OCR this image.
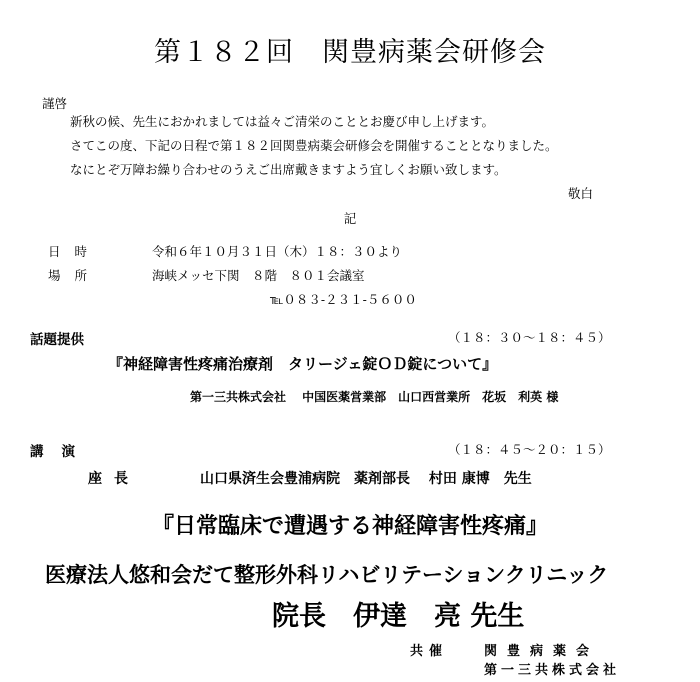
第１８２回　関豊病薬会研修会
謹啓
新秋の候、先生におかれましては益々ご清栄のこととお慶び申し上げます。
さてこの度、下記の日程で第１８２回関豊病薬会研修会を開催することとなりました。
なにとぞ万障お繰り合わせのうえご出席戴きますよう宜しくお願い致します。
敬白
記
日時	令和６年１０月３１日（木）１８：３０より
場所	海峡メッセ下関　８階　８０１会議室
℡０８３-２３１-５６００
話題提供	（１８：３０〜１８：４５）
『神経障害性疼痛治療剤　タリージェ錠ＯＤ錠について』
第一三共株式会社　 中国医薬営業部　山口西営業所　花坂　利英 様
講演	（１８：４５〜２０：１５）
座長	山口県済生会豊浦病院　薬剤部長　 村田 康博　先生
『日常臨床で遭遇する神経障害性疼痛』
医療法人悠和会だて整形外科リハビリテーションクリニック
院長　伊達　亮 先生
共催	関豊病薬会
第一三共株式会社
